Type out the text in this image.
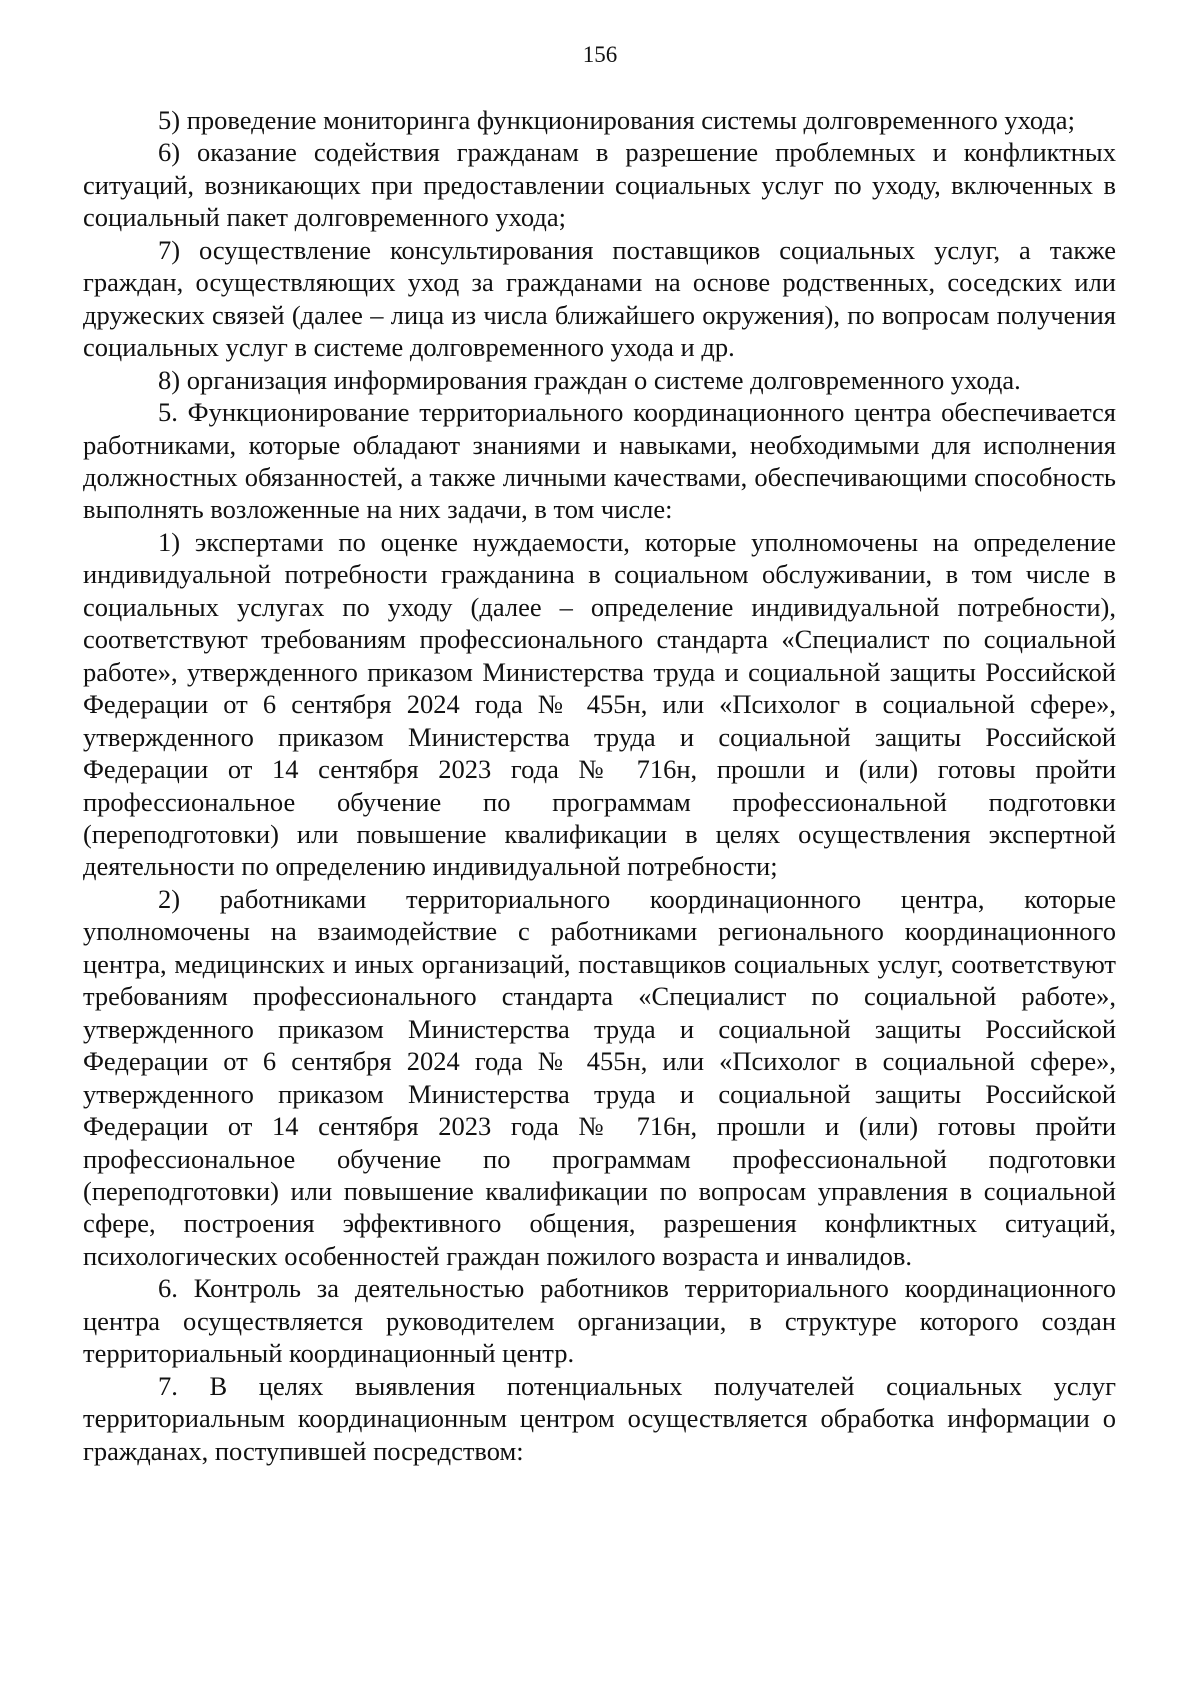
156

5) проведение мониторинга функционирования системы долговременного ухода;

6) оказание содействия гражданам в разрешение проблемных и конфликтных ситуаций, возникающих при предоставлении социальных услуг по уходу, включенных в социальный пакет долговременного ухода;

7) осуществление консультирования поставщиков социальных услуг, а также граждан, осуществляющих уход за гражданами на основе родственных, соседских или дружеских связей (далее – лица из числа ближайшего окружения), по вопросам получения социальных услуг в системе долговременного ухода и др.

8) организация информирования граждан о системе долговременного ухода.

5. Функционирование территориального координационного центра обеспечивается работниками, которые обладают знаниями и навыками, необходимыми для исполнения должностных обязанностей, а также личными качествами, обеспечивающими способность выполнять возложенные на них задачи, в том числе:

1) экспертами по оценке нуждаемости, которые уполномочены на определение индивидуальной потребности гражданина в социальном обслуживании, в том числе в социальных услугах по уходу (далее – определение индивидуальной потребности), соответствуют требованиям профессионального стандарта «Специалист по социальной работе», утвержденного приказом Министерства труда и социальной защиты Российской Федерации от 6 сентября 2024 года № 455н, или «Психолог в социальной сфере», утвержденного приказом Министерства труда и социальной защиты Российской Федерации от 14 сентября 2023 года № 716н, прошли и (или) готовы пройти профессиональное обучение по программам профессиональной подготовки (переподготовки) или повышение квалификации в целях осуществления экспертной деятельности по определению индивидуальной потребности;

2) работниками территориального координационного центра, которые уполномочены на взаимодействие с работниками регионального координационного центра, медицинских и иных организаций, поставщиков социальных услуг, соответствуют требованиям профессионального стандарта «Специалист по социальной работе», утвержденного приказом Министерства труда и социальной защиты Российской Федерации от 6 сентября 2024 года № 455н, или «Психолог в социальной сфере», утвержденного приказом Министерства труда и социальной защиты Российской Федерации от 14 сентября 2023 года № 716н, прошли и (или) готовы пройти профессиональное обучение по программам профессиональной подготовки (переподготовки) или повышение квалификации по вопросам управления в социальной сфере, построения эффективного общения, разрешения конфликтных ситуаций, психологических особенностей граждан пожилого возраста и инвалидов.

6. Контроль за деятельностью работников территориального координационного центра осуществляется руководителем организации, в структуре которого создан территориальный координационный центр.

7. В целях выявления потенциальных получателей социальных услуг территориальным координационным центром осуществляется обработка информации о гражданах, поступившей посредством:
